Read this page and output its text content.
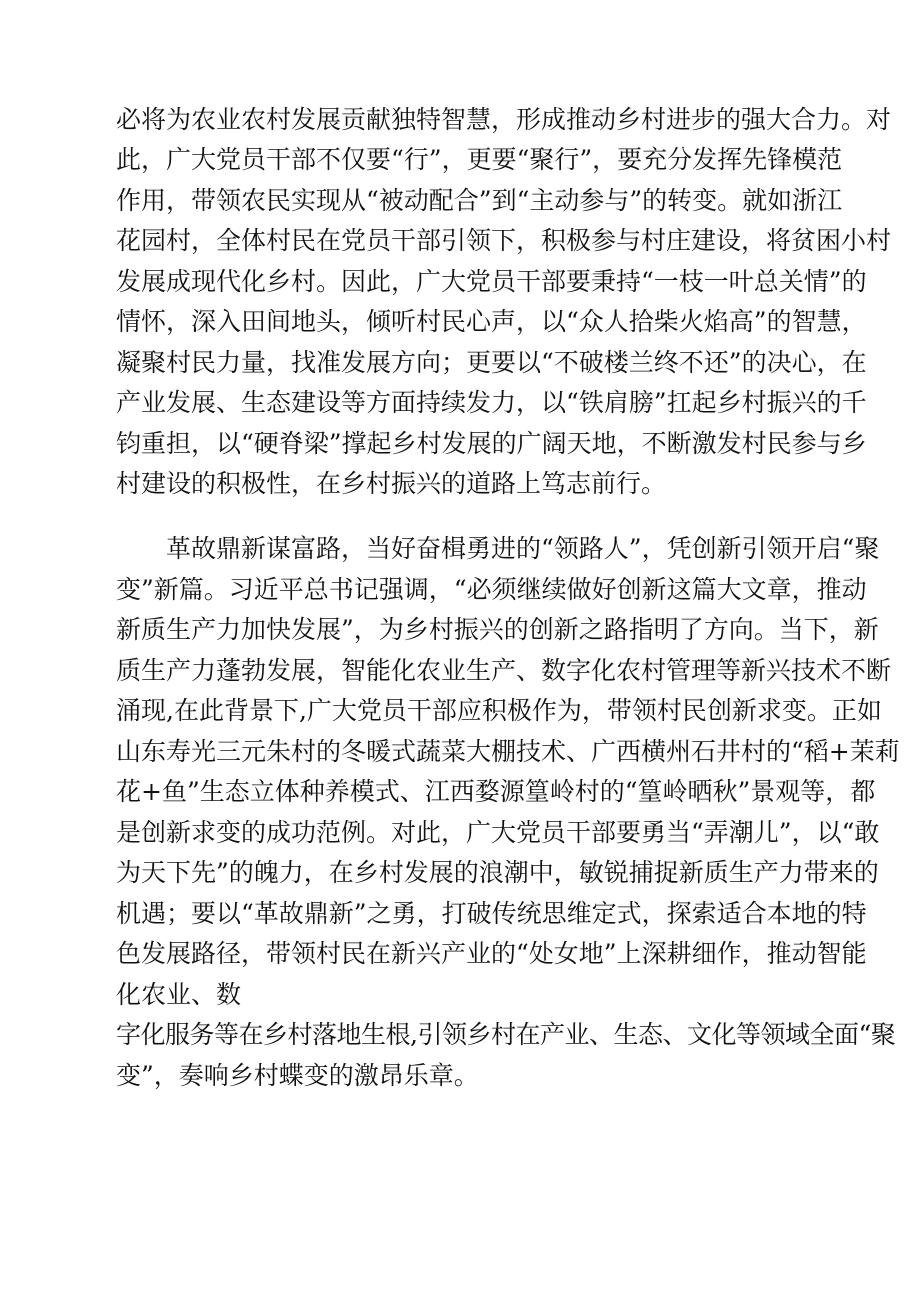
必将为农业农村发展贡献独特智慧，形成推动乡村进步的强大合力。对

此，广大党员干部不仅要“行”，更要“聚行”，要充分发挥先锋模范

作用，带领农民实现从“被动配合”到“主动参与”的转变。就如浙江

花园村，全体村民在党员干部引领下，积极参与村庄建设，将贫困小村

发展成现代化乡村。因此，广大党员干部要秉持“一枝一叶总关情”的

情怀，深入田间地头，倾听村民心声，以“众人拾柴火焰高”的智慧，

凝聚村民力量，找准发展方向；更要以“不破楼兰终不还”的决心，在

产业发展、生态建设等方面持续发力，以“铁肩膀”扛起乡村振兴的千

钧重担，以“硬脊梁”撑起乡村发展的广阔天地，不断激发村民参与乡

村建设的积极性，在乡村振兴的道路上笃志前行。

革故鼎新谋富路，当好奋楫勇进的“领路人”，凭创新引领开启“聚

变”新篇。习近平总书记强调，“必须继续做好创新这篇大文章，推动

新质生产力加快发展”，为乡村振兴的创新之路指明了方向。当下，新

质生产力蓬勃发展，智能化农业生产、数字化农村管理等新兴技术不断

涌现,在此背景下,广大党员干部应积极作为，带领村民创新求变。正如

山东寿光三元朱村的冬暖式蔬菜大棚技术、广西横州石井村的“稻+茉莉

花+鱼”生态立体种养模式、江西婺源篁岭村的“篁岭晒秋”景观等，都

是创新求变的成功范例。对此，广大党员干部要勇当“弄潮儿”，以“敢

为天下先”的魄力，在乡村发展的浪潮中，敏锐捕捉新质生产力带来的

机遇；要以“革故鼎新”之勇，打破传统思维定式，探索适合本地的特

色发展路径，带领村民在新兴产业的“处女地”上深耕细作，推动智能

化农业、数

字化服务等在乡村落地生根,引领乡村在产业、生态、文化等领域全面“聚

变”，奏响乡村蝶变的激昂乐章。
